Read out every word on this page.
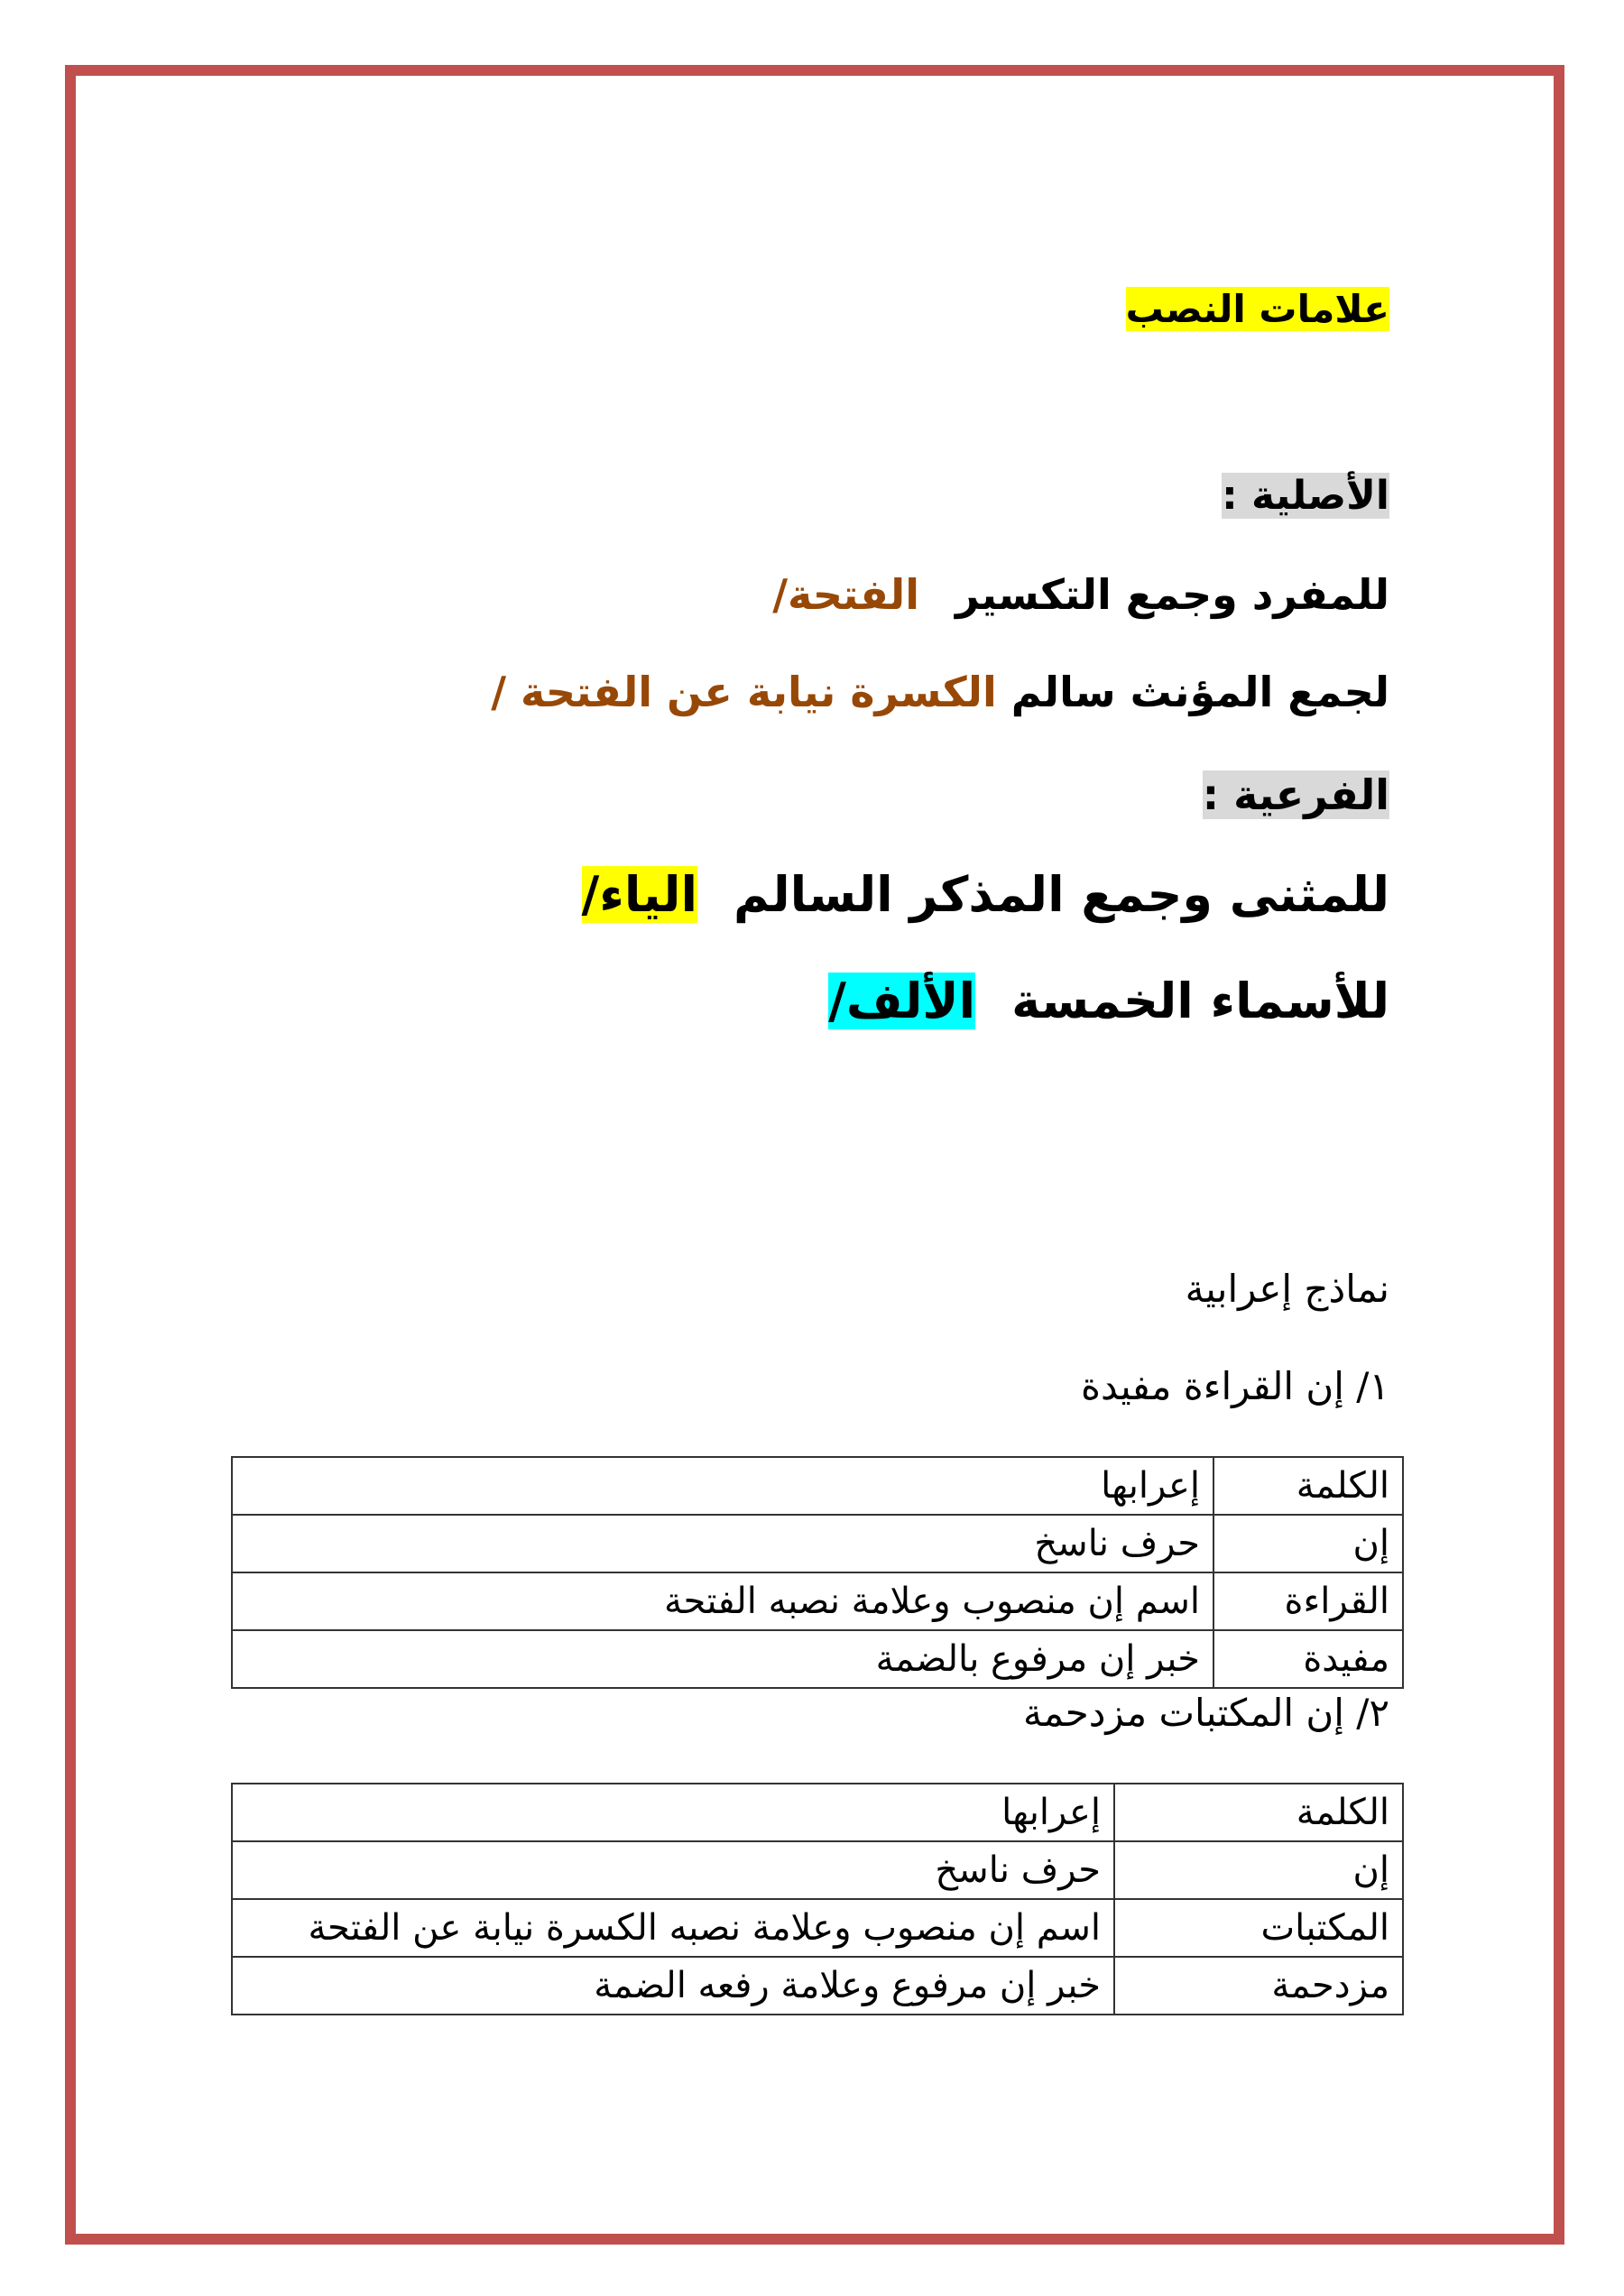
علامات النصب
الأصلية :
الفتحة/ للمفرد وجمع التكسير
الكسرة نيابة عن الفتحة / لجمع المؤنث سالم
الفرعية :
الياء/ للمثنى وجمع المذكر السالم
الألف/ للأسماء الخمسة
نماذج إعرابية
١/ إن القراءة مفيدة
الكلمة	إعرابها
إن	حرف ناسخ
القراءة	اسم إن منصوب وعلامة نصبه الفتحة
مفيدة	خبر إن مرفوع بالضمة
٢/ إن المكتبات مزدحمة
الكلمة	إعرابها
إن	حرف ناسخ
المكتبات	اسم إن منصوب وعلامة نصبه الكسرة نيابة عن الفتحة
مزدحمة	خبر إن مرفوع وعلامة رفعه الضمة
